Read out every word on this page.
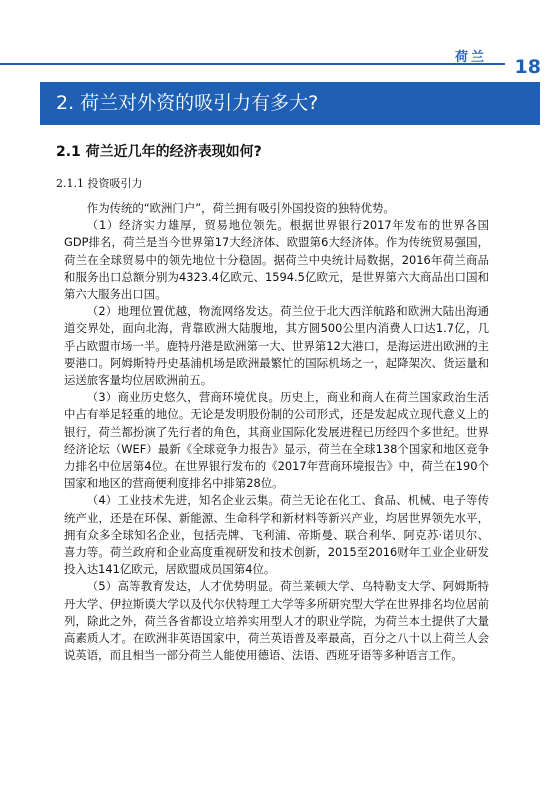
荷兰 18
2. 荷兰对外资的吸引力有多大?
2.1 荷兰近几年的经济表现如何?
2.1.1 投资吸引力

作为传统的“欧洲门户”，荷兰拥有吸引外国投资的独特优势。

（1）经济实力雄厚，贸易地位领先。根据世界银行2017年发布的世界各国GDP排名，荷兰是当今世界第17大经济体、欧盟第6大经济体。作为传统贸易强国，荷兰在全球贸易中的领先地位十分稳固。据荷兰中央统计局数据，2016年荷兰商品和服务出口总额分别为4323.4亿欧元、1594.5亿欧元，是世界第六大商品出口国和第六大服务出口国。

（2）地理位置优越，物流网络发达。荷兰位于北大西洋航路和欧洲大陆出海通道交界处，面向北海，背靠欧洲大陆腹地，其方圆500公里内消费人口达1.7亿，几乎占欧盟市场一半。鹿特丹港是欧洲第一大、世界第12大港口，是海运进出欧洲的主要港口。阿姆斯特丹史基浦机场是欧洲最繁忙的国际机场之一，起降架次、货运量和运送旅客量均位居欧洲前五。

（3）商业历史悠久，营商环境优良。历史上，商业和商人在荷兰国家政治生活中占有举足轻重的地位。无论是发明股份制的公司形式，还是发起成立现代意义上的银行，荷兰都扮演了先行者的角色，其商业国际化发展进程已历经四个多世纪。世界经济论坛（WEF）最新《全球竞争力报告》显示，荷兰在全球138个国家和地区竞争力排名中位居第4位。在世界银行发布的《2017年营商环境报告》中，荷兰在190个国家和地区的营商便利度排名中排第28位。

（4）工业技术先进，知名企业云集。荷兰无论在化工、食品、机械、电子等传统产业，还是在环保、新能源、生命科学和新材料等新兴产业，均居世界领先水平，拥有众多全球知名企业，包括壳牌、飞利浦、帝斯曼、联合利华、阿克苏·诺贝尔、喜力等。荷兰政府和企业高度重视研发和技术创新，2015至2016财年工业企业研发投入达141亿欧元，居欧盟成员国第4位。

（5）高等教育发达，人才优势明显。荷兰莱顿大学、乌特勒支大学、阿姆斯特丹大学、伊拉斯谟大学以及代尔伏特理工大学等多所研究型大学在世界排名均位居前列，除此之外，荷兰各省都设立培养实用型人才的职业学院，为荷兰本土提供了大量高素质人才。在欧洲非英语国家中，荷兰英语普及率最高，百分之八十以上荷兰人会说英语，而且相当一部分荷兰人能使用德语、法语、西班牙语等多种语言工作。
